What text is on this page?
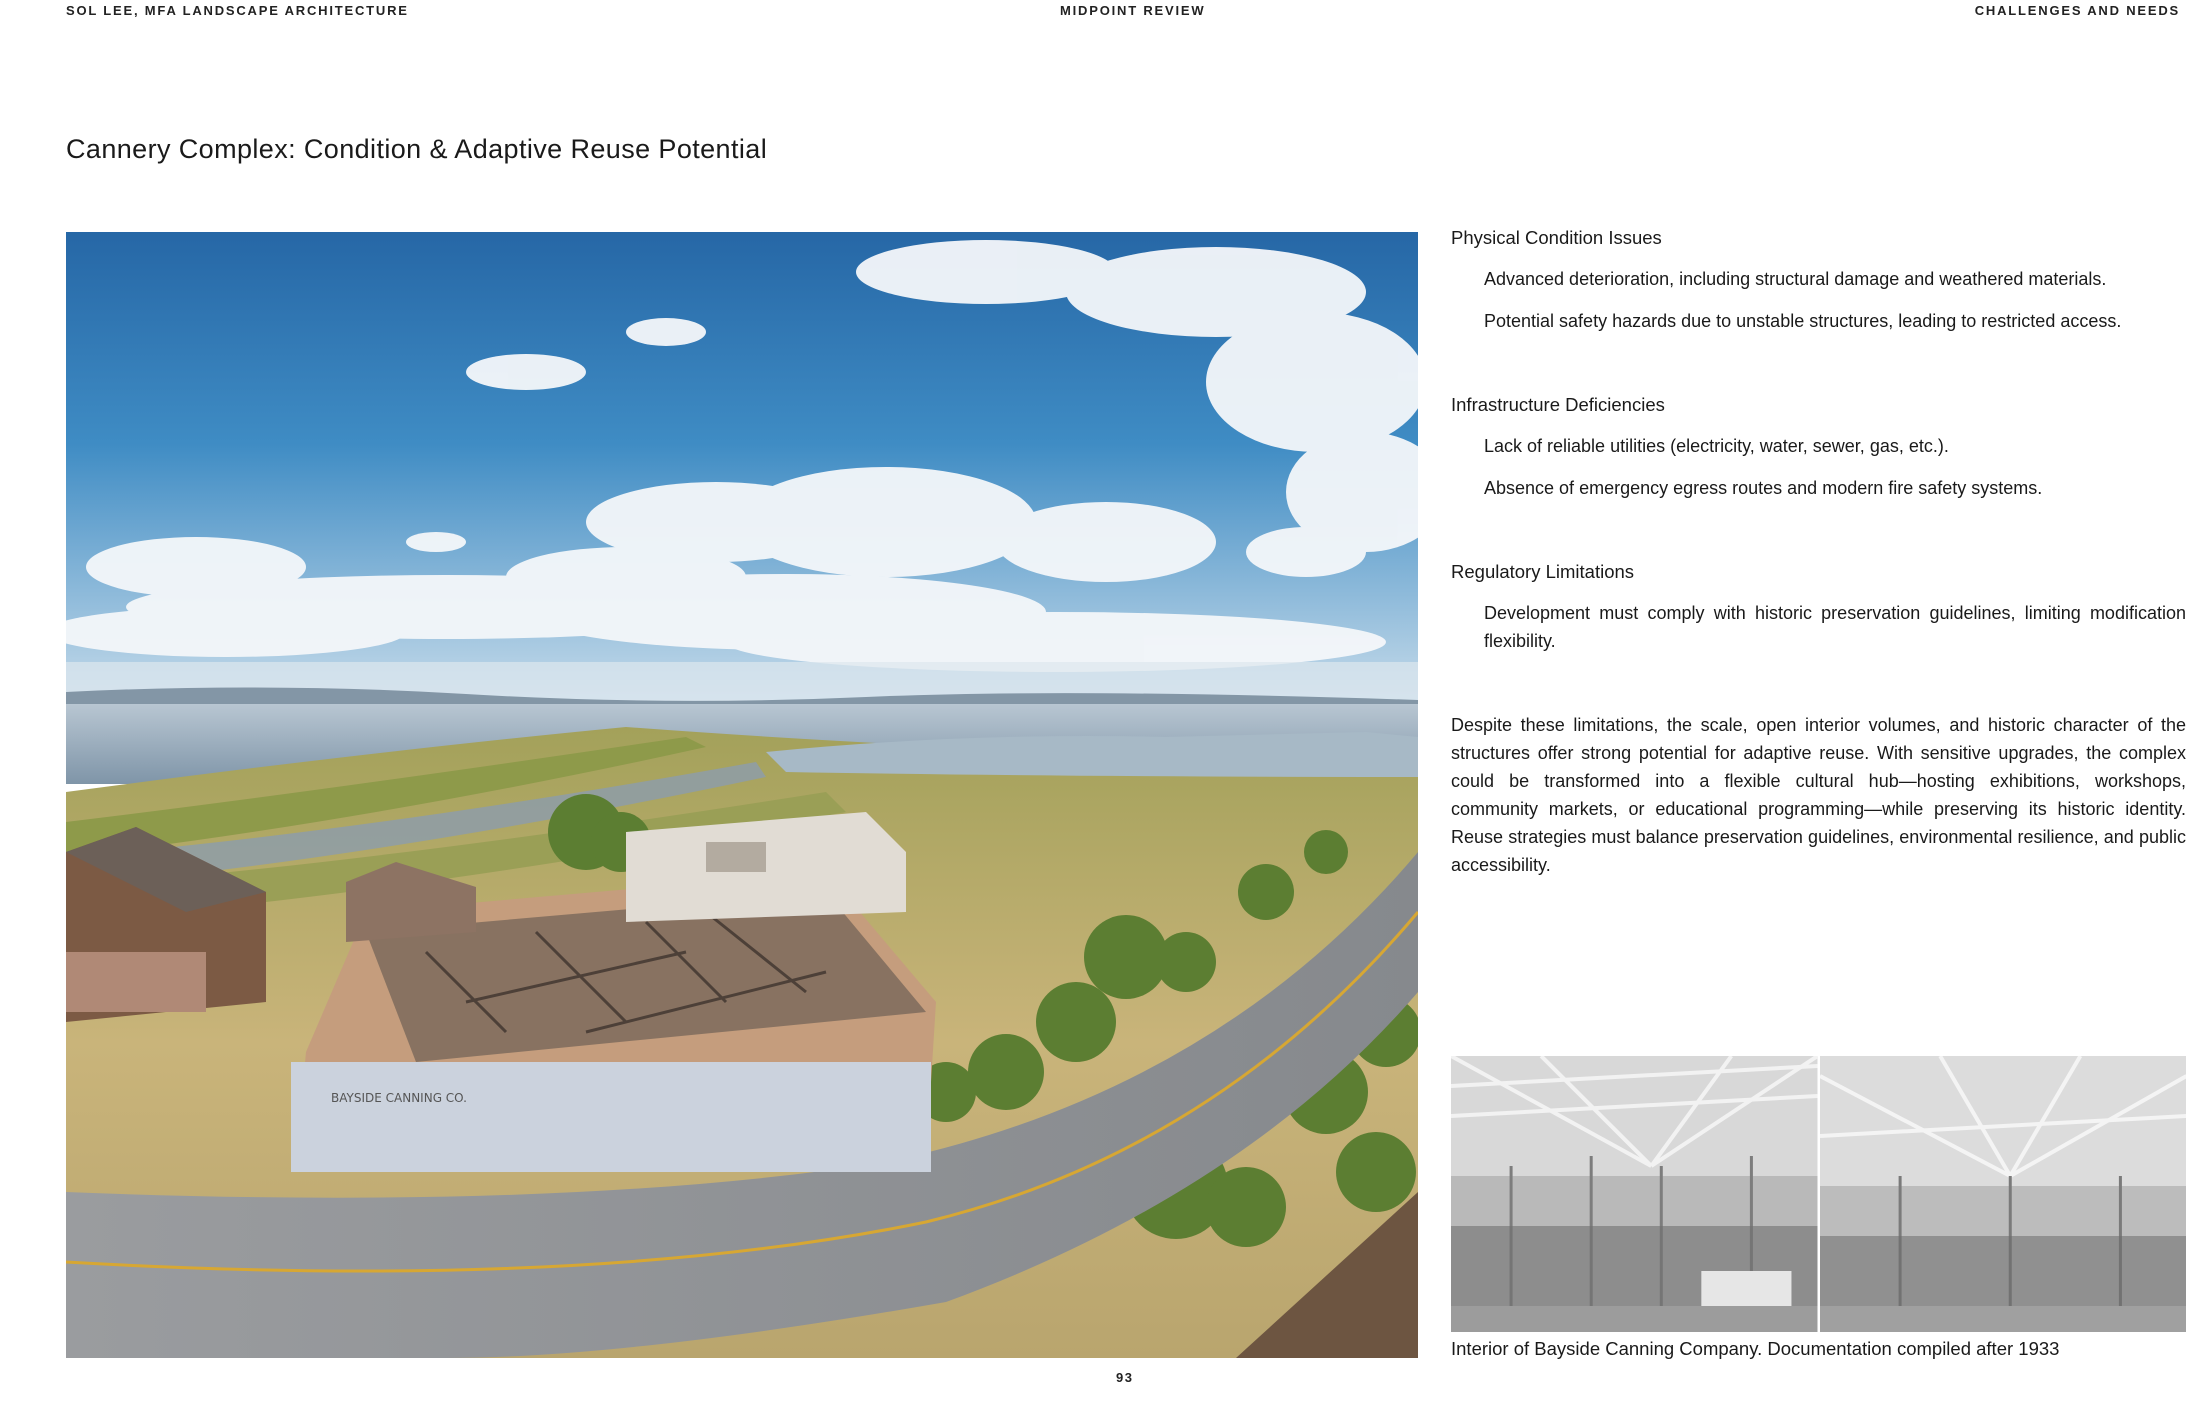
SOL LEE, MFA LANDSCAPE ARCHITECTURE	MIDPOINT REVIEW	CHALLENGES AND NEEDS
Cannery Complex: Condition & Adaptive Reuse Potential
BAYSIDE CANNING CO.
Physical Condition Issues

Advanced deterioration, including structural damage and weathered materials.

Potential safety hazards due to unstable structures, leading to restricted access.

Infrastructure Deficiencies

Lack of reliable utilities (electricity, water, sewer, gas, etc.).

Absence of emergency egress routes and modern fire safety systems.

Regulatory Limitations

Development must comply with historic preservation guidelines, limiting modification flexibility.

Despite these limitations, the scale, open interior volumes, and historic character of the structures offer strong potential for adaptive reuse. With sensitive upgrades, the complex could be transformed into a flexible cultural hub—hosting exhibitions, workshops, community markets, or educational programming—while preserving its historic identity. Reuse strategies must balance preservation guidelines, environmental resilience, and public accessibility.

Interior of Bayside Canning Company. Documentation compiled after 1933
93
